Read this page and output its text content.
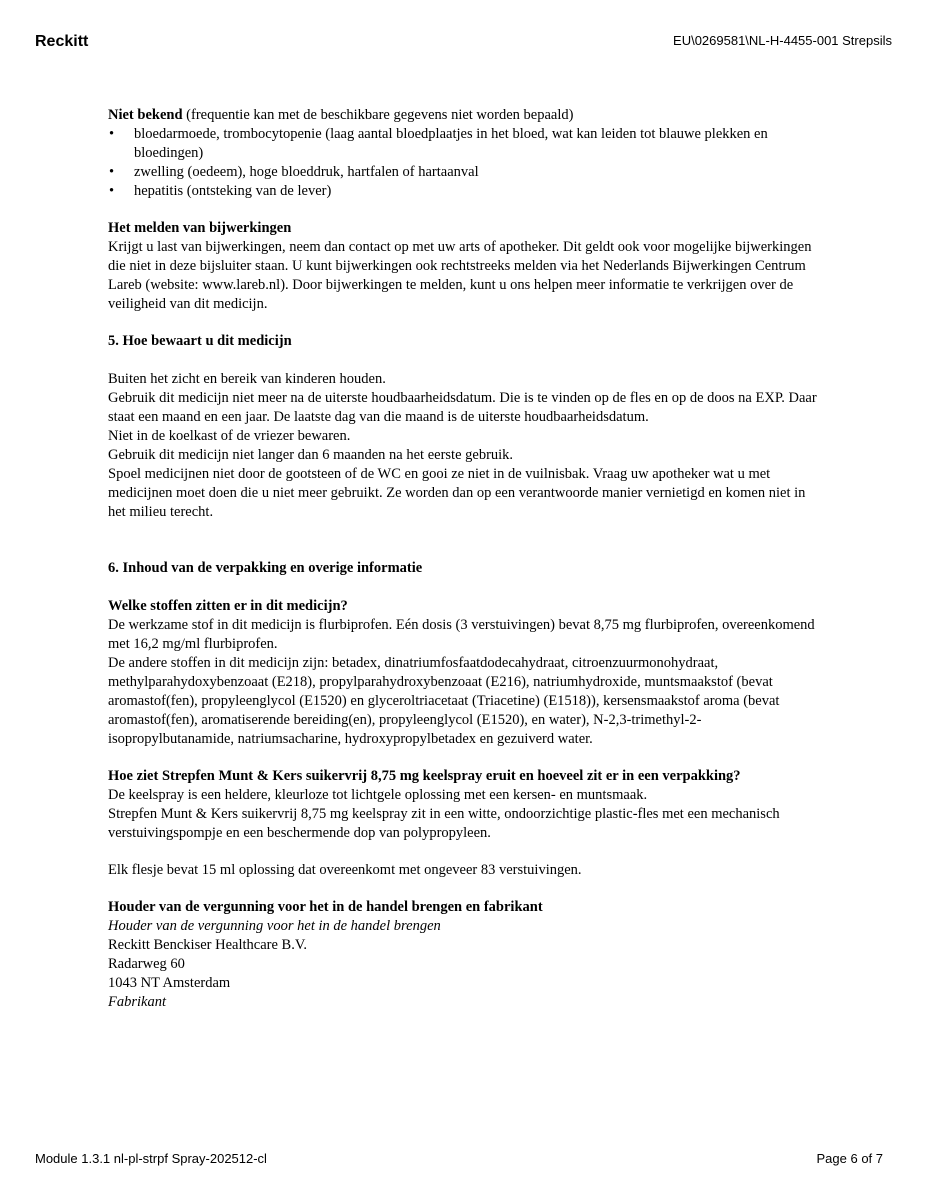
Reckitt	EU\0269581\NL-H-4455-001 Strepsils

Niet bekend (frequentie kan met de beschikbare gegevens niet worden bepaald)

• bloedarmoede, trombocytopenie (laag aantal bloedplaatjes in het bloed, wat kan leiden tot blauwe plekken en bloedingen)
• zwelling (oedeem), hoge bloeddruk, hartfalen of hartaanval
• hepatitis (ontsteking van de lever)

Het melden van bijwerkingen

Krijgt u last van bijwerkingen, neem dan contact op met uw arts of apotheker. Dit geldt ook voor mogelijke bijwerkingen die niet in deze bijsluiter staan. U kunt bijwerkingen ook rechtstreeks melden via het Nederlands Bijwerkingen Centrum Lareb (website: www.lareb.nl). Door bijwerkingen te melden, kunt u ons helpen meer informatie te verkrijgen over de veiligheid van dit medicijn.

5. Hoe bewaart u dit medicijn

Buiten het zicht en bereik van kinderen houden.

Gebruik dit medicijn niet meer na de uiterste houdbaarheidsdatum. Die is te vinden op de fles en op de doos na EXP. Daar staat een maand en een jaar. De laatste dag van die maand is de uiterste houdbaarheidsdatum.

Niet in de koelkast of de vriezer bewaren.

Gebruik dit medicijn niet langer dan 6 maanden na het eerste gebruik.

Spoel medicijnen niet door de gootsteen of de WC en gooi ze niet in de vuilnisbak. Vraag uw apotheker wat u met medicijnen moet doen die u niet meer gebruikt. Ze worden dan op een verantwoorde manier vernietigd en komen niet in het milieu terecht.

6. Inhoud van de verpakking en overige informatie

Welke stoffen zitten er in dit medicijn?

De werkzame stof in dit medicijn is flurbiprofen. Eén dosis (3 verstuivingen) bevat 8,75 mg flurbiprofen, overeenkomend met 16,2 mg/ml flurbiprofen.

De andere stoffen in dit medicijn zijn: betadex, dinatriumfosfaatdodecahydraat, citroenzuurmonohydraat, methylparahydoxybenzoaat (E218), propylparahydroxybenzoaat (E216), natriumhydroxide, muntsmaakstof (bevat aromastof(fen), propyleenglycol (E1520) en glyceroltriacetaat (Triacetine) (E1518)), kersensmaakstof aroma (bevat aromastof(fen), aromatiserende bereiding(en), propyleenglycol (E1520), en water), N-2,3-trimethyl-2-isopropylbutanamide, natriumsacharine, hydroxypropylbetadex en gezuiverd water.

Hoe ziet Strepfen Munt & Kers suikervrij 8,75 mg keelspray eruit en hoeveel zit er in een verpakking?

De keelspray is een heldere, kleurloze tot lichtgele oplossing met een kersen- en muntsmaak.

Strepfen Munt & Kers suikervrij 8,75 mg keelspray zit in een witte, ondoorzichtige plastic-fles met een mechanisch verstuivingspompje en een beschermende dop van polypropyleen.

Elk flesje bevat 15 ml oplossing dat overeenkomt met ongeveer 83 verstuivingen.

Houder van de vergunning voor het in de handel brengen en fabrikant

Houder van de vergunning voor het in de handel brengen

Reckitt Benckiser Healthcare B.V.

Radarweg 60

1043 NT Amsterdam

Fabrikant

Module 1.3.1 nl-pl-strpf Spray-202512-cl	Page 6 of 7
